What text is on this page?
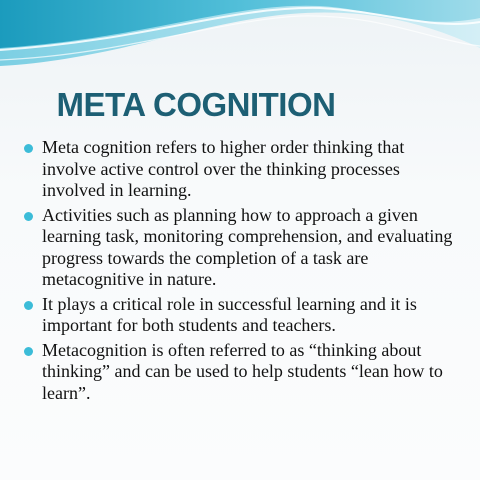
META COGNITION
Meta cognition refers to higher order thinking that involve active control over the thinking processes involved in learning.
Activities such as planning how to approach a given learning task, monitoring comprehension, and evaluating progress towards the completion of a task are metacognitive in nature.
It plays a critical role in successful learning and it is important for both students and teachers.
Metacognition is often referred to as “thinking about thinking” and can be used to help students “lean how to learn”.
